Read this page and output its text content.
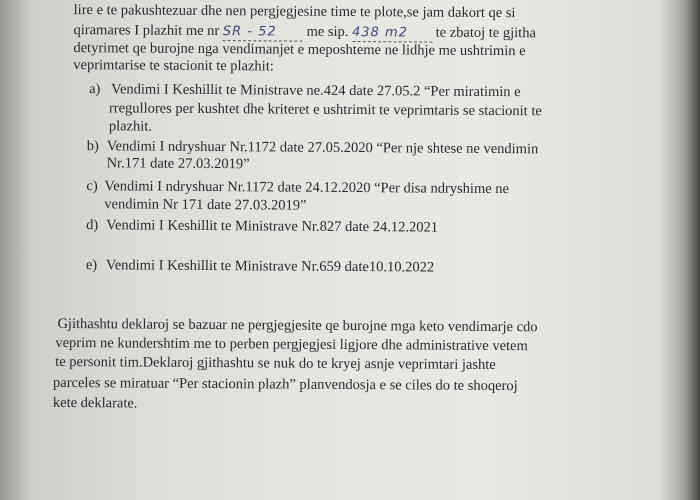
lire e te pakushtezuar dhe nen pergjegjesine time te plote,se jam dakort qe si
qiramares I plazhit me nr SR - 52 me sip. 438 m2 te zbatoj te gjitha
detyrimet qe burojne nga vendimanjet e meposhteme ne lidhje me ushtrimin e
veprimtarise te stacionit te plazhit:
a) Vendimi I Keshillit te Ministrave ne.424 date 27.05.2 “Per miratimin e
rregullores per kushtet dhe kriteret e ushtrimit te veprimtaris se stacionit te
plazhit.
b) Vendimi I ndryshuar Nr.1172 date 27.05.2020 “Per nje shtese ne vendimin
Nr.171 date 27.03.2019”
c) Vendimi I ndryshuar Nr.1172 date 24.12.2020 “Per disa ndryshime ne
vendimin Nr 171 date 27.03.2019”
d) Vendimi I Keshillit te Ministrave Nr.827 date 24.12.2021
e) Vendimi I Keshillit te Ministrave Nr.659 date10.10.2022
Gjithashtu deklaroj se bazuar ne pergjegjesite qe burojne mga keto vendimarje cdo
veprim ne kundershtim me to perben pergjegjesi ligjore dhe administrative vetem
te personit tim.Deklaroj gjithashtu se nuk do te kryej asnje veprimtari jashte
parceles se miratuar “Per stacionin plazh” planvendosja e se ciles do te shoqeroj
kete deklarate.
